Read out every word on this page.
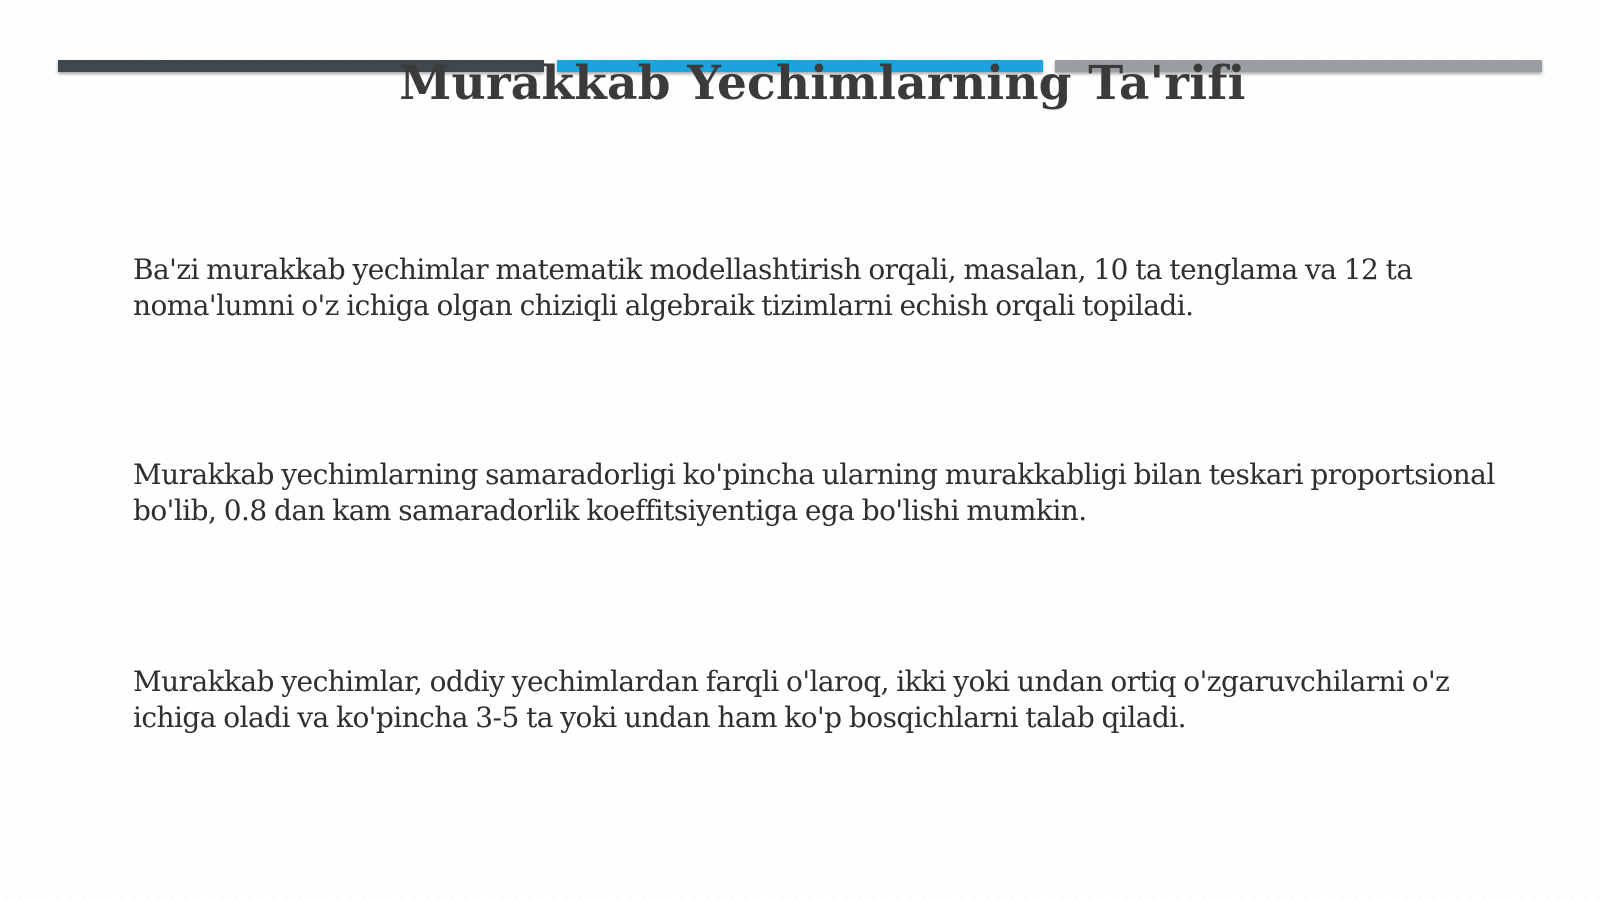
Murakkab Yechimlarning Ta'rifi
Ba'zi murakkab yechimlar matematik modellashtirish orqali, masalan, 10 ta tenglama va 12 ta noma'lumni o'z ichiga olgan chiziqli algebraik tizimlarni echish orqali topiladi.
Murakkab yechimlarning samaradorligi ko'pincha ularning murakkabligi bilan teskari proportsional bo'lib, 0.8 dan kam samaradorlik koeffitsiyentiga ega bo'lishi mumkin.
Murakkab yechimlar, oddiy yechimlardan farqli o'laroq, ikki yoki undan ortiq o'zgaruvchilarni o'z ichiga oladi va ko'pincha 3-5 ta yoki undan ham ko'p bosqichlarni talab qiladi.
